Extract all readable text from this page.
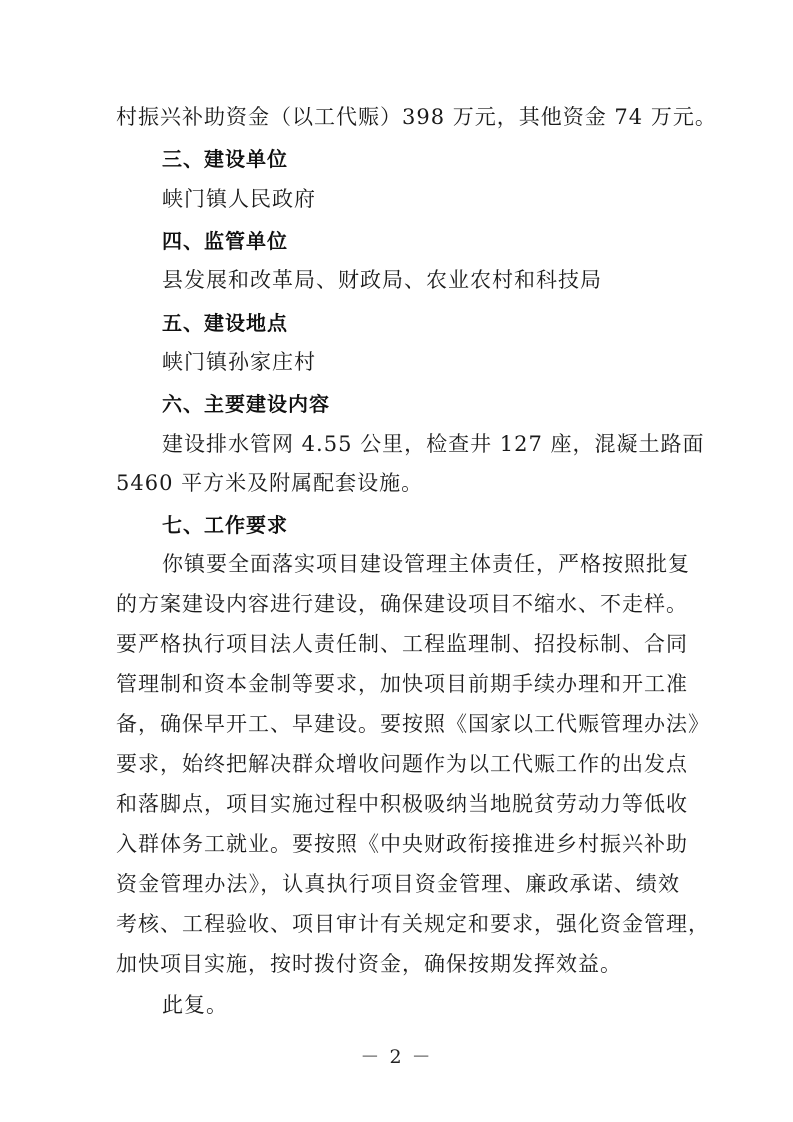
村振兴补助资金（以工代赈）398 万元，其他资金 74 万元。
三、建设单位
峡门镇人民政府
四、监管单位
县发展和改革局、财政局、农业农村和科技局
五、建设地点
峡门镇孙家庄村
六、主要建设内容
建设排水管网 4.55 公里，检查井 127 座，混凝土路面
5460 平方米及附属配套设施。
七、工作要求
你镇要全面落实项目建设管理主体责任，严格按照批复
的方案建设内容进行建设，确保建设项目不缩水、不走样。
要严格执行项目法人责任制、工程监理制、招投标制、合同
管理制和资本金制等要求，加快项目前期手续办理和开工准
备，确保早开工、早建设。要按照《国家以工代赈管理办法》
要求，始终把解决群众增收问题作为以工代赈工作的出发点
和落脚点，项目实施过程中积极吸纳当地脱贫劳动力等低收
入群体务工就业。要按照《中央财政衔接推进乡村振兴补助
资金管理办法》，认真执行项目资金管理、廉政承诺、绩效
考核、工程验收、项目审计有关规定和要求，强化资金管理，
加快项目实施，按时拨付资金，确保按期发挥效益。
此复。
－ 2 －
